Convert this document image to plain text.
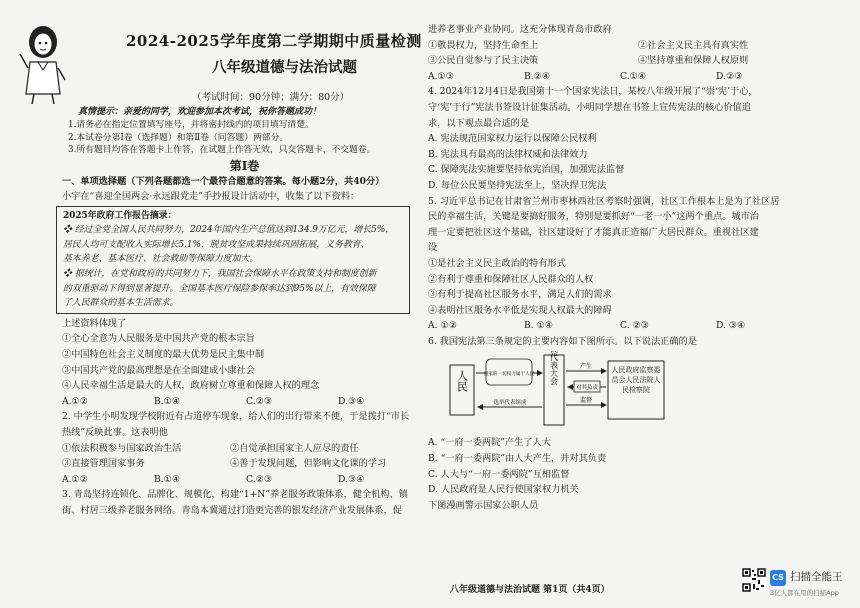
2024-2025学年度第二学期期中质量检测
八年级道德与法治试题
（考试时间：90分钟；满分：80分）
真情提示：亲爱的同学，欢迎参加本次考试，祝你答题成功！
1.请务必在指定位置填写座号，并将密封线内的项目填写清楚。
2.本试卷分第Ⅰ卷（选择题）和第Ⅱ卷（问答题）两部分。
3.所有题目均答在答题卡上作答，在试题上作答无效，只交答题卡，不交题卷。
第Ⅰ卷
一、单项选择题（下列各题都选一个最符合题意的答案。每小题2分，共40分）
小宇在“喜迎全国两会·永远跟党走”手抄报设计活动中，收集了以下资料：
2025年政府工作报告摘录：
❖ 经过全党全国人民共同努力，2024年国内生产总值达到134.9万亿元，增长5%，
居民人均可支配收入实际增长5.1%，脱贫攻坚成果持续巩固拓展，义务教育、
基本养老、基本医疗、社会救助等保障力度加大。
❖ 据统计，在党和政府的共同努力下，我国社会保障水平在政策支持和制度创新
的双重驱动下得到显著提升。全国基本医疗保险参保率达到95%以上，有效保障
了人民群众的基本生活需求。
上述资料体现了
①全心全意为人民服务是中国共产党的根本宗旨
②中国特色社会主义制度的最大优势是民主集中制
③中国共产党的最高理想是在全面建成小康社会
④人民幸福生活是最大的人权，政府树立尊重和保障人权的理念
A.①②	B.①④	C.②③	D.③④
2. 中学生小明发现学校附近有占道停车现象，给人们的出行带来不便，于是拨打“市长
热线”反映此事。这表明他
①依法积极参与国家政治生活	②自觉承担国家主人应尽的责任
③直接管理国家事务	④善于发现问题，但影响文化课的学习
A.①②	B.①④	C.②③	D.③④
3. 青岛坚持连锁化、品牌化、规模化，构建“1+N”养老服务政策体系，健全机构、镇
街、村居三级养老服务网络。青岛本冀通过打造更完善的银发经济产业发展体系，促
进养老事业产业协同。这充分体现青岛市政府
①敬畏权力，坚持生命至上	②社会主义民主具有真实性
③公民自觉参与了民主决策	④坚持尊重和保障人权原则
A.①③	B.②④	C.①④	D.②③
4. 2024年12月4日是我国第十一个国家宪法日，某校八年级开展了“崇‘宪’于心，
守‘宪’于行”宪法书签设计征集活动。小明同学想在书签上宣传宪法的核心价值追
求，以下观点最合适的是
A. 宪法规范国家权力运行以保障公民权利
B. 宪法具有最高的法律权威和法律效力
C. 保障宪法实施要坚持依宪治国，加强宪法监督
D. 每位公民要坚持宪法至上，坚决捍卫宪法
5. 习近平总书记在甘肃省兰州市枣林西社区考察时强调，社区工作根本上是为了社区居
民的幸福生活，关键是要搞好服务，特别是要抓好“一老一小”这两个重点。城市治
理一定要把社区这个基础，社区建设好了才能真正造福广大居民群众。重视社区建
设
①是社会主义民主政治的特有形式
②有利于尊重和保障社区人民群众的人权
③有利于提高社区服务水平，满足人们的需求
④表明社区服务水平低是实现人权最大的障碍
A. ①②	B. ①④	C. ②③	D. ③④
6. 我国宪法第三条规定的主要内容如下图所示。以下说法正确的是
人民	国家的一切权力属于人民
选举代表组成
人民代表大会	产生
对其负责
监督
人民政府监察委员会人民法院人民检察院
A. “一府一委两院”产生了人大
B. “一府一委两院”由人大产生，并对其负责
C. 人大与“一府一委两院”互相监督
D. 人民政府是人民行使国家权力机关
下图漫画警示国家公职人员
八年级道德与法治试题 第1页（共4页）
CS 扫描全能王
3亿人都在用的扫描App
